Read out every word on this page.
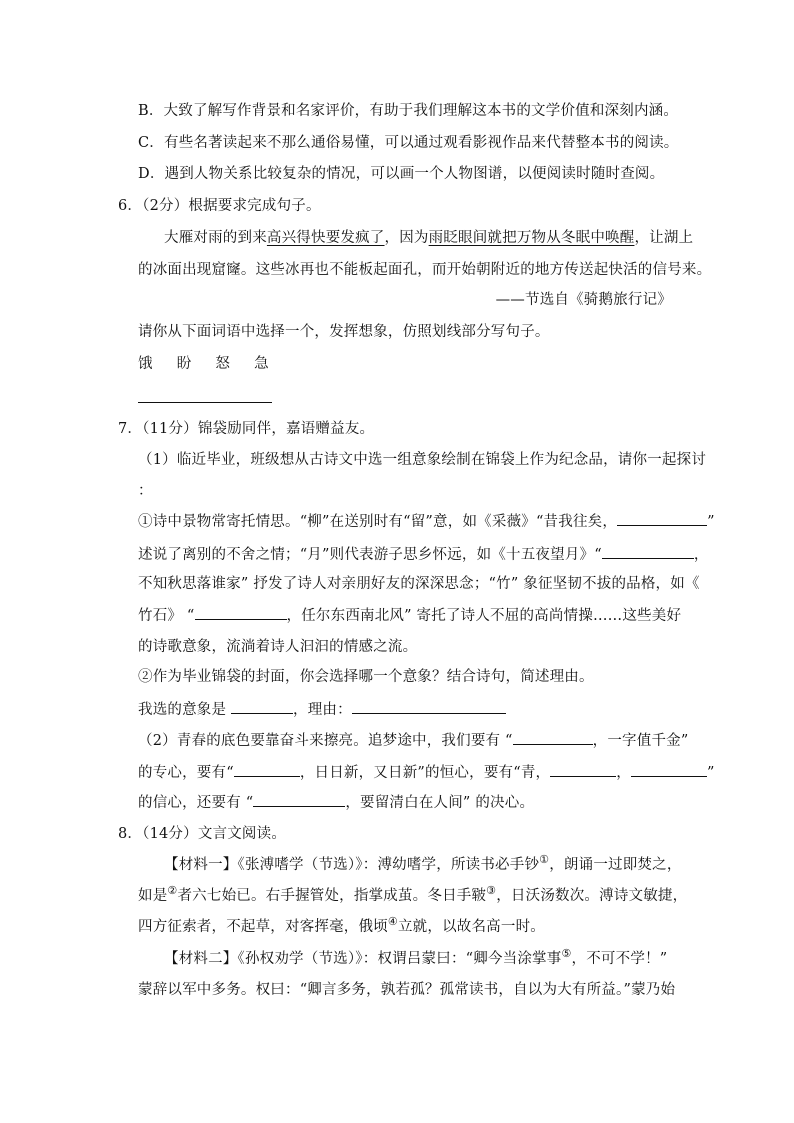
B．大致了解写作背景和名家评价，有助于我们理解这本书的文学价值和深刻内涵。
C．有些名著读起来不那么通俗易懂，可以通过观看影视作品来代替整本书的阅读。
D．遇到人物关系比较复杂的情况，可以画一个人物图谱，以便阅读时随时查阅。
6．（2分）根据要求完成句子。
大雁对雨的到来高兴得快要发疯了，因为雨眨眼间就把万物从冬眠中唤醒，让湖上
的冰面出现窟窿。这些冰再也不能板起面孔，而开始朝附近的地方传送起快活的信号来。
——节选自《骑鹅旅行记》
请你从下面词语中选择一个，发挥想象，仿照划线部分写句子。
饿 盼 怒 急
7．（11分）锦袋励同伴，嘉语赠益友。
（1）临近毕业，班级想从古诗文中选一组意象绘制在锦袋上作为纪念品，请你一起探讨
：
①诗中景物常寄托情思。“柳”在送别时有“留”意，如《采薇》“昔我往矣，	”
述说了离别的不舍之情；“月”则代表游子思乡怀远，如《十五夜望月》“	，
不知秋思落谁家” 抒发了诗人对亲朋好友的深深思念；“竹” 象征坚韧不拔的品格，如《
竹石》 “	，任尔东西南北风” 寄托了诗人不屈的高尚情操……这些美好
的诗歌意象，流淌着诗人汩汩的情感之流。
②作为毕业锦袋的封面，你会选择哪一个意象？结合诗句，简述理由。
我选的意象是	，理由：
（2）青春的底色要靠奋斗来擦亮。追梦途中，我们要有 “	，一字值千金”
的专心，要有“	，日日新，又日新”的恒心，要有“青，	，	”
的信心，还要有 “	，要留清白在人间” 的决心。
8．（14分）文言文阅读。
【材料一】《张溥嗜学（节选）》：溥幼嗜学，所读书必手钞①，朗诵一过即焚之，
如是②者六七始已。右手握管处，指掌成茧。冬日手皲③，日沃汤数次。溥诗文敏捷，
四方征索者，不起草，对客挥毫，俄顷④立就，以故名高一时。
【材料二】《孙权劝学（节选）》：权谓吕蒙曰：“卿今当涂掌事⑤，不可不学！”
蒙辞以军中多务。权曰：“卿言多务，孰若孤？孤常读书，自以为大有所益。”蒙乃始
